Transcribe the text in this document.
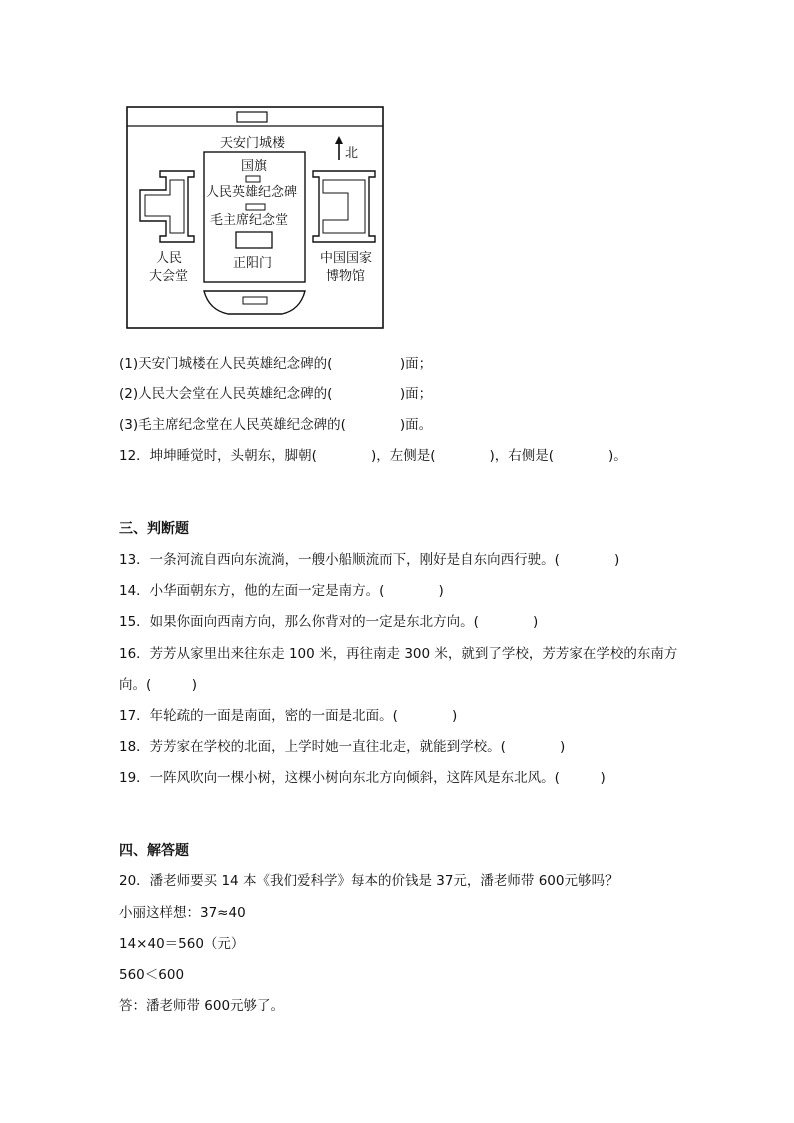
天安门城楼
北
国旗
人民英雄纪念碑
毛主席纪念堂
正阳门
人民
大会堂
中国国家
博物馆
(1)天安门城楼在人民英雄纪念碑的(　　　　　)面；
(2)人民大会堂在人民英雄纪念碑的(　　　　　)面；
(3)毛主席纪念堂在人民英雄纪念碑的(　　　　)面。
12．坤坤睡觉时，头朝东，脚朝(　　　　)，左侧是(　　　　)，右侧是(　　　　)。
三、判断题
13．一条河流自西向东流淌，一艘小船顺流而下，刚好是自东向西行驶。(　　　　)
14．小华面朝东方，他的左面一定是南方。(　　　　)
15．如果你面向西南方向，那么你背对的一定是东北方向。(　　　　)
16．芳芳从家里出来往东走 100 米，再往南走 300 米，就到了学校，芳芳家在学校的东南方
向。(　　　)
17．年轮疏的一面是南面，密的一面是北面。(　　　　)
18．芳芳家在学校的北面，上学时她一直往北走，就能到学校。(　　　　)
19．一阵风吹向一棵小树，这棵小树向东北方向倾斜，这阵风是东北风。(　　　)
四、解答题
20．潘老师要买 14 本《我们爱科学》每本的价钱是 37元，潘老师带 600元够吗？
小丽这样想：37≈40
14×40＝560（元）
560＜600
答：潘老师带 600元够了。
